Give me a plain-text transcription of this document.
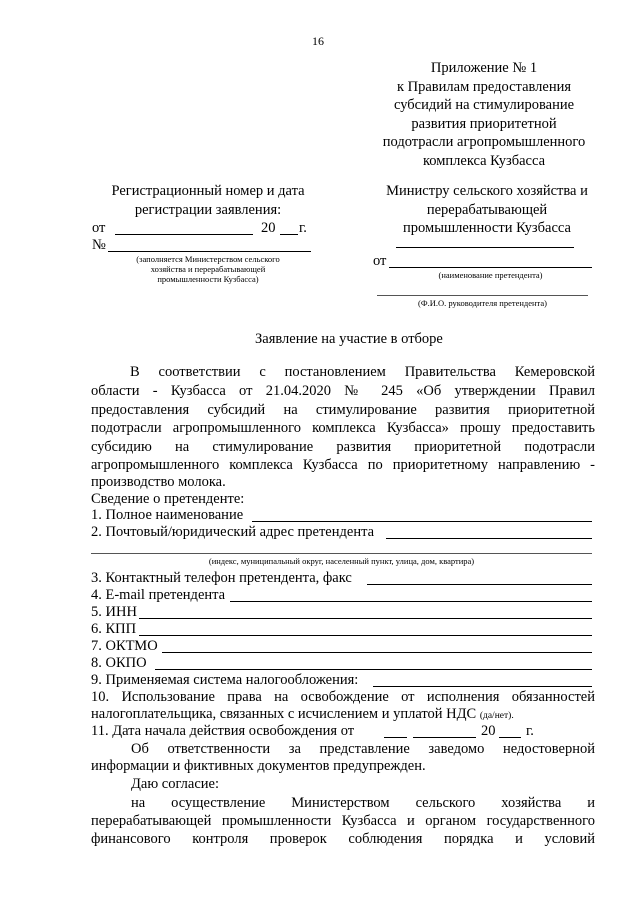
16
Приложение № 1
к Правилам предоставления
субсидий на стимулирование
развития приоритетной
подотрасли агропромышленного
комплекса Кузбасса
Регистрационный номер и дата
регистрации заявления:
от	20 г.
№
(заполняется Министерством сельского
хозяйства и перерабатывающей
промышленности Кузбасса)
Министру сельского хозяйства и
перерабатывающей
промышленности Кузбасса
от
(наименование претендента)
(Ф.И.О. руководителя претендента)
Заявление на участие в отборе
В соответствии с постановлением Правительства Кемеровской
области - Кузбасса от 21.04.2020 № 245 «Об утверждении Правил
предоставления субсидий на стимулирование развития приоритетной
подотрасли агропромышленного комплекса Кузбасса» прошу предоставить
субсидию на стимулирование развития приоритетной подотрасли
агропромышленного комплекса Кузбасса по приоритетному направлению -
производство молока.
Сведение о претенденте:
1. Полное наименование
2. Почтовый/юридический адрес претендента
(индекс, муниципальный округ, населенный пункт, улица, дом, квартира)
3. Контактный телефон претендента, факс
4. E-mail претендента
5. ИНН
6. КПП
7. ОКТМО
8. ОКПО
9. Применяемая система налогообложения:
10. Использование права на освобождение от исполнения обязанностей
налогоплательщика, связанных с исчислением и уплатой НДС (да/нет).
11. Дата начала действия освобождения от	20 г.
Об ответственности за представление заведомо недостоверной
информации и фиктивных документов предупрежден.
Даю согласие:
на осуществление Министерством сельского хозяйства и
перерабатывающей промышленности Кузбасса и органом государственного
финансового контроля проверок соблюдения порядка и условий
